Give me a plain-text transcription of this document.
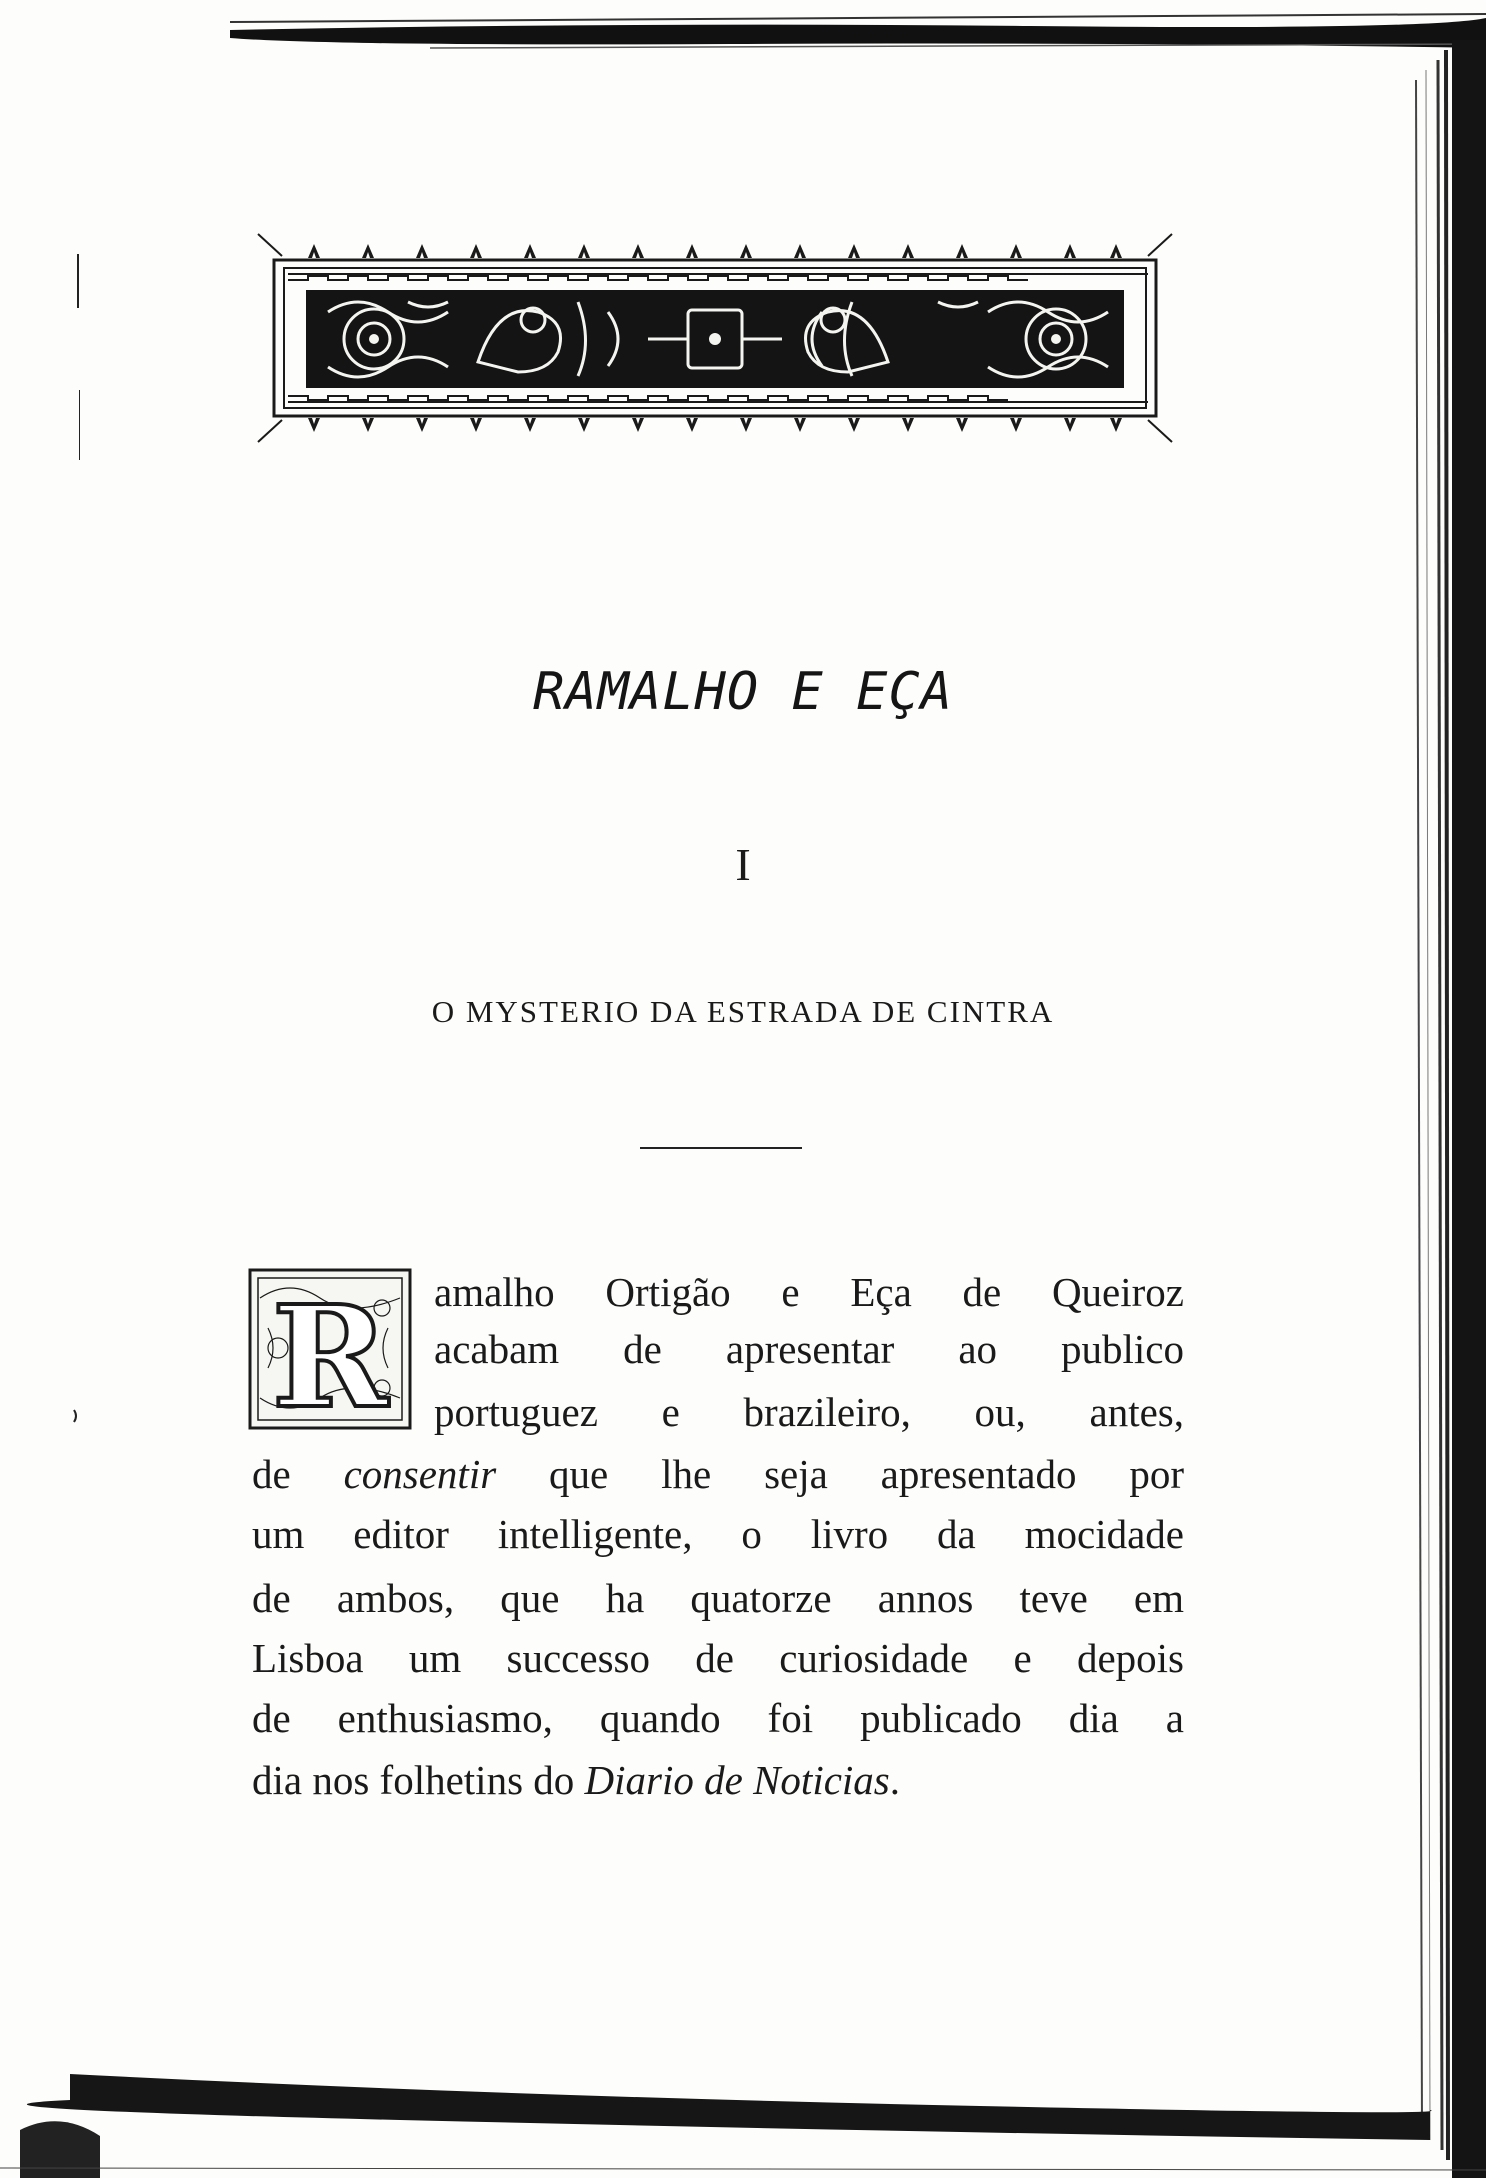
RAMALHO E EÇA
I
O MYSTERIO DA ESTRADA DE CINTRA
R amalho Ortigão e Eça de Queiroz
acabam de apresentar ao publico
portuguez e brazileiro, ou, antes,
de consentir que lhe seja apresentado por
um editor intelligente, o livro da mocidade
de ambos, que ha quatorze annos teve em
Lisboa um successo de curiosidade e depois
de enthusiasmo, quando foi publicado dia a
dia nos folhetins do Diario de Noticias.
